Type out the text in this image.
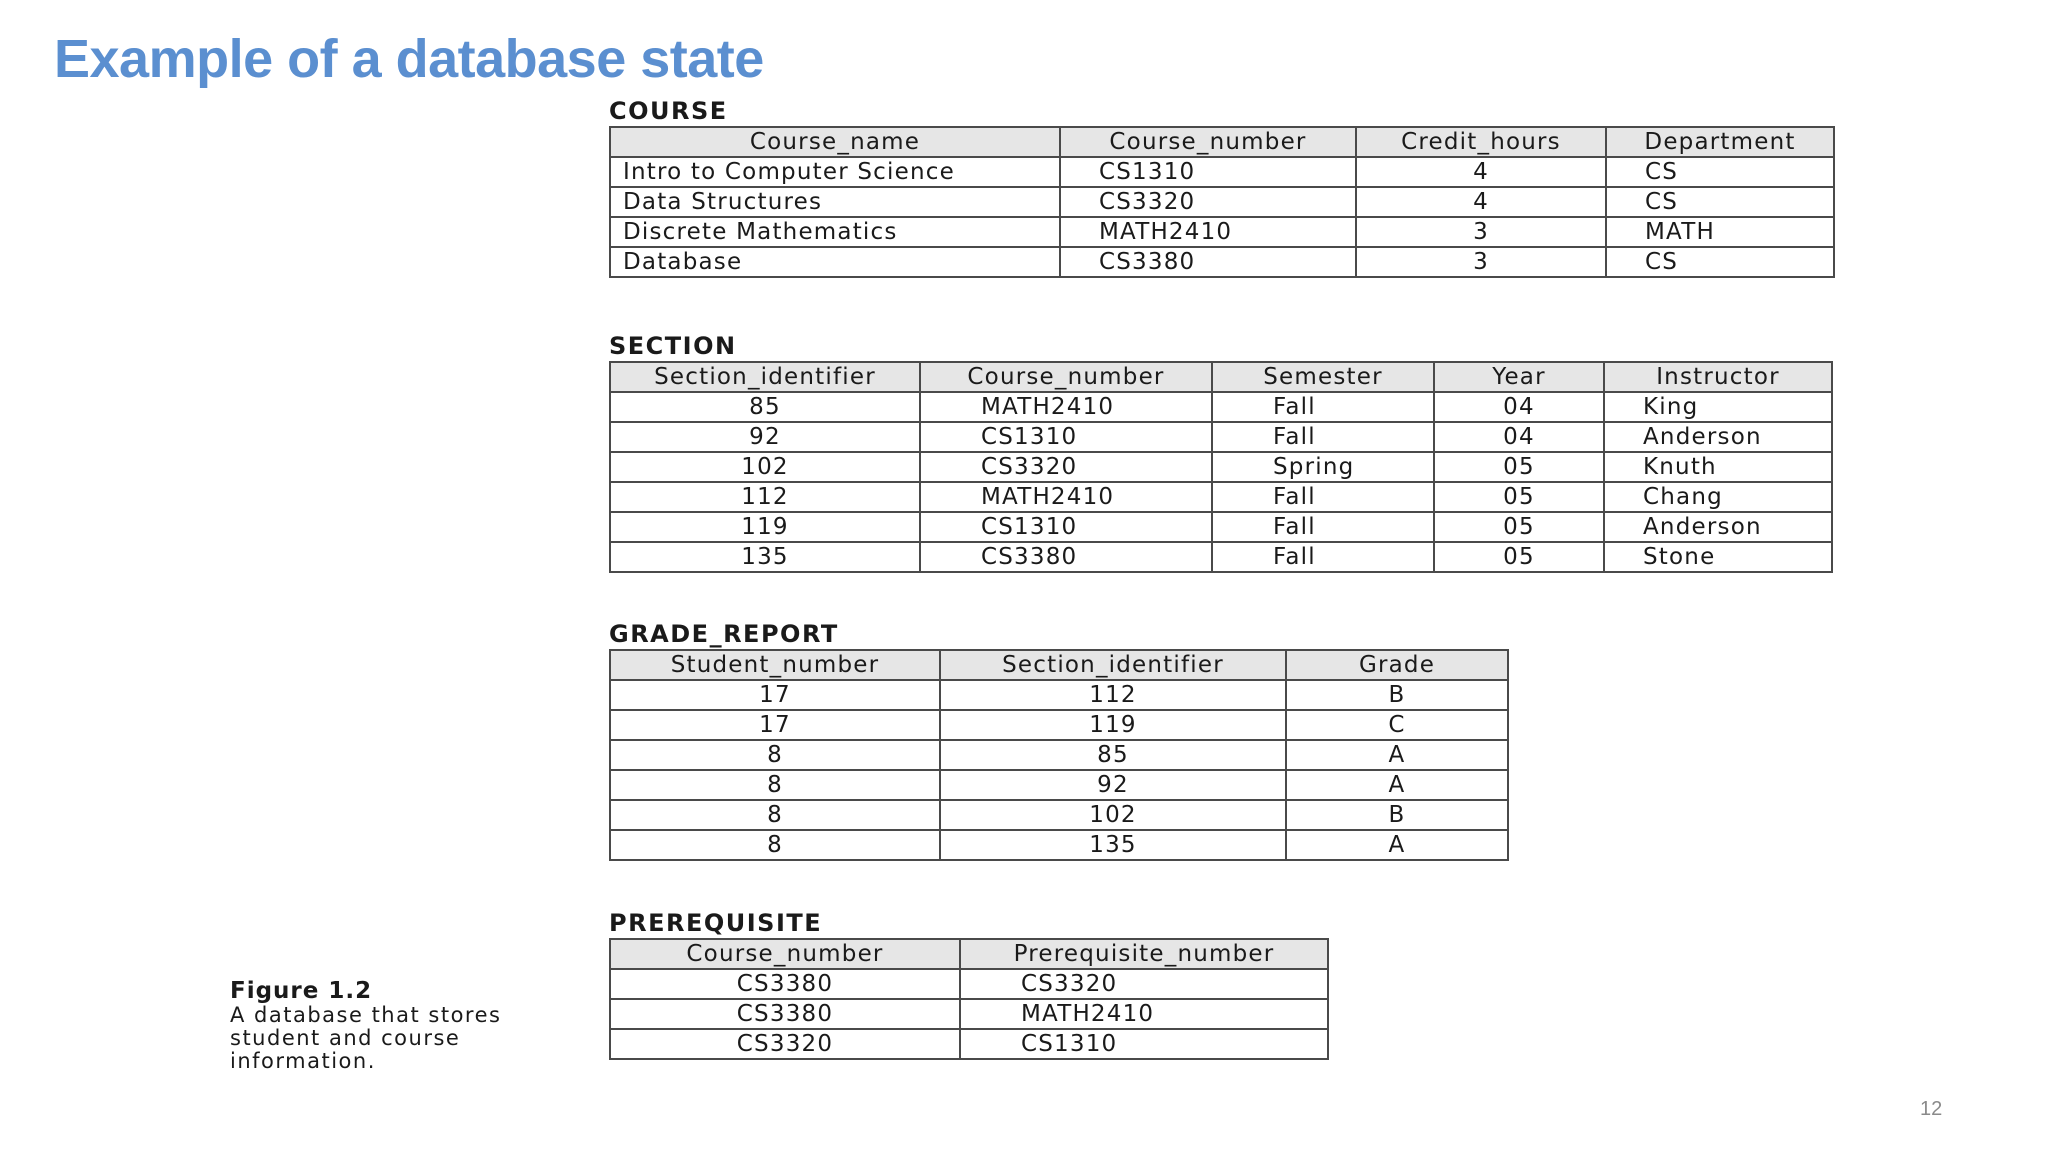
Example of a database state
COURSE
Course_name	Course_number	Credit_hours	Department
Intro to Computer Science	CS1310	4	CS
Data Structures	CS3320	4	CS
Discrete Mathematics	MATH2410	3	MATH
Database	CS3380	3	CS
SECTION
Section_identifier	Course_number	Semester	Year	Instructor
85	MATH2410	Fall	04	King
92	CS1310	Fall	04	Anderson
102	CS3320	Spring	05	Knuth
112	MATH2410	Fall	05	Chang
119	CS1310	Fall	05	Anderson
135	CS3380	Fall	05	Stone
GRADE_REPORT
Student_number	Section_identifier	Grade
17	112	B
17	119	C
8	85	A
8	92	A
8	102	B
8	135	A
PREREQUISITE
Course_number	Prerequisite_number
CS3380	CS3320
CS3380	MATH2410
CS3320	CS1310
Figure 1.2
A database that stores student and course information.
12
